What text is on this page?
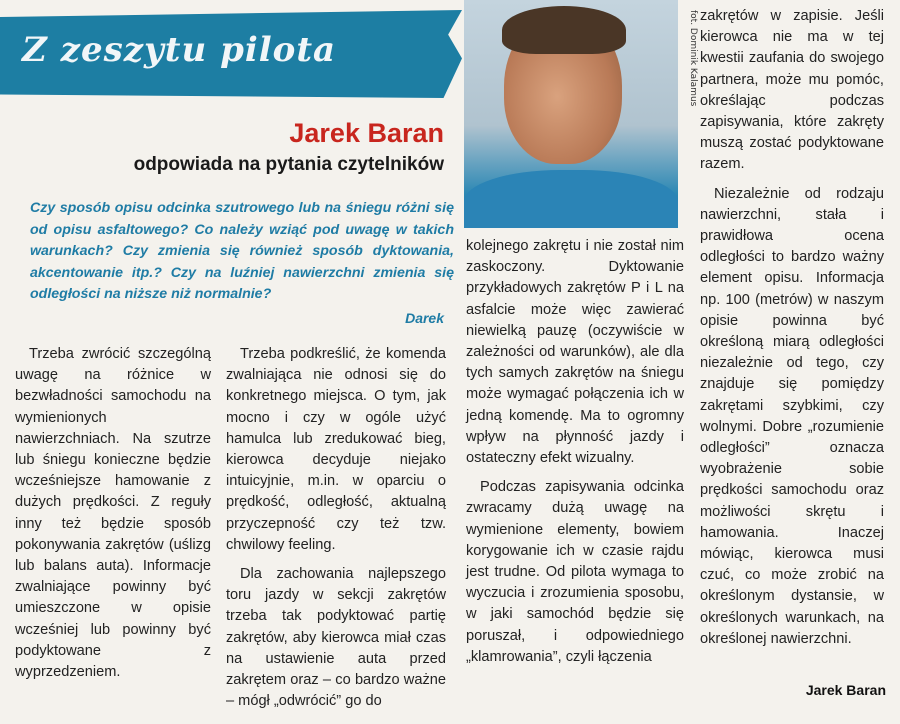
Z zeszytu pilota	fot. Dominik Kalamus
Jarek Baran
odpowiada na pytania czytelników
Czy sposób opisu odcinka szutrowego lub na śniegu różni się od opisu asfaltowego? Co należy wziąć pod uwagę w takich warunkach? Czy zmienia się również sposób dyktowania, akcentowanie itp.? Czy na luźniej nawierzchni zmienia się odległości na niższe niż normalnie?
Darek

Trzeba zwrócić szczególną uwagę na różnice w bezwładności samochodu na wymienionych nawierzchniach. Na szutrze lub śniegu konieczne będzie wcześniejsze hamowanie z dużych prędkości. Z reguły inny też będzie sposób pokonywania zakrętów (uślizg lub balans auta). Informacje zwalniające powinny być umieszczone w opisie wcześniej lub powinny być podyktowane z wyprzedzeniem.

Trzeba podkreślić, że komenda zwalniająca nie odnosi się do konkretnego miejsca. O tym, jak mocno i czy w ogóle użyć hamulca lub zredukować bieg, kierowca decyduje niejako intuicyjnie, m.in. w oparciu o prędkość, odległość, aktualną przyczepność czy też tzw. chwilowy feeling.

Dla zachowania najlepszego toru jazdy w sekcji zakrętów trzeba tak podyktować partię zakrętów, aby kierowca miał czas na ustawienie auta przed zakrętem oraz – co bardzo ważne – mógł „odwrócić” go do

kolejnego zakrętu i nie został nim zaskoczony. Dyktowanie przykładowych zakrętów P i L na asfalcie może więc zawierać niewielką pauzę (oczywiście w zależności od warunków), ale dla tych samych zakrętów na śniegu może wymagać połączenia ich w jedną komendę. Ma to ogromny wpływ na płynność jazdy i ostateczny efekt wizualny.

Podczas zapisywania odcinka zwracamy dużą uwagę na wymienione elementy, bowiem korygowanie ich w czasie rajdu jest trudne. Od pilota wymaga to wyczucia i zrozumienia sposobu, w jaki samochód będzie się poruszał, i odpowiedniego „klamrowania”, czyli łączenia

zakrętów w zapisie. Jeśli kierowca nie ma w tej kwestii zaufania do swojego partnera, może mu pomóc, określając podczas zapisywania, które zakręty muszą zostać podyktowane razem.

Niezależnie od rodzaju nawierzchni, stała i prawidłowa ocena odległości to bardzo ważny element opisu. Informacja np. 100 (metrów) w naszym opisie powinna być określoną miarą odległości niezależnie od tego, czy znajduje się pomiędzy zakrętami szybkimi, czy wolnymi. Dobre „rozumienie odległości” oznacza wyobrażenie sobie prędkości samochodu oraz możliwości skrętu i hamowania. Inaczej mówiąc, kierowca musi czuć, co może zrobić na określonym dystansie, w określonych warunkach, na określonej nawierzchni.

Jarek Baran
